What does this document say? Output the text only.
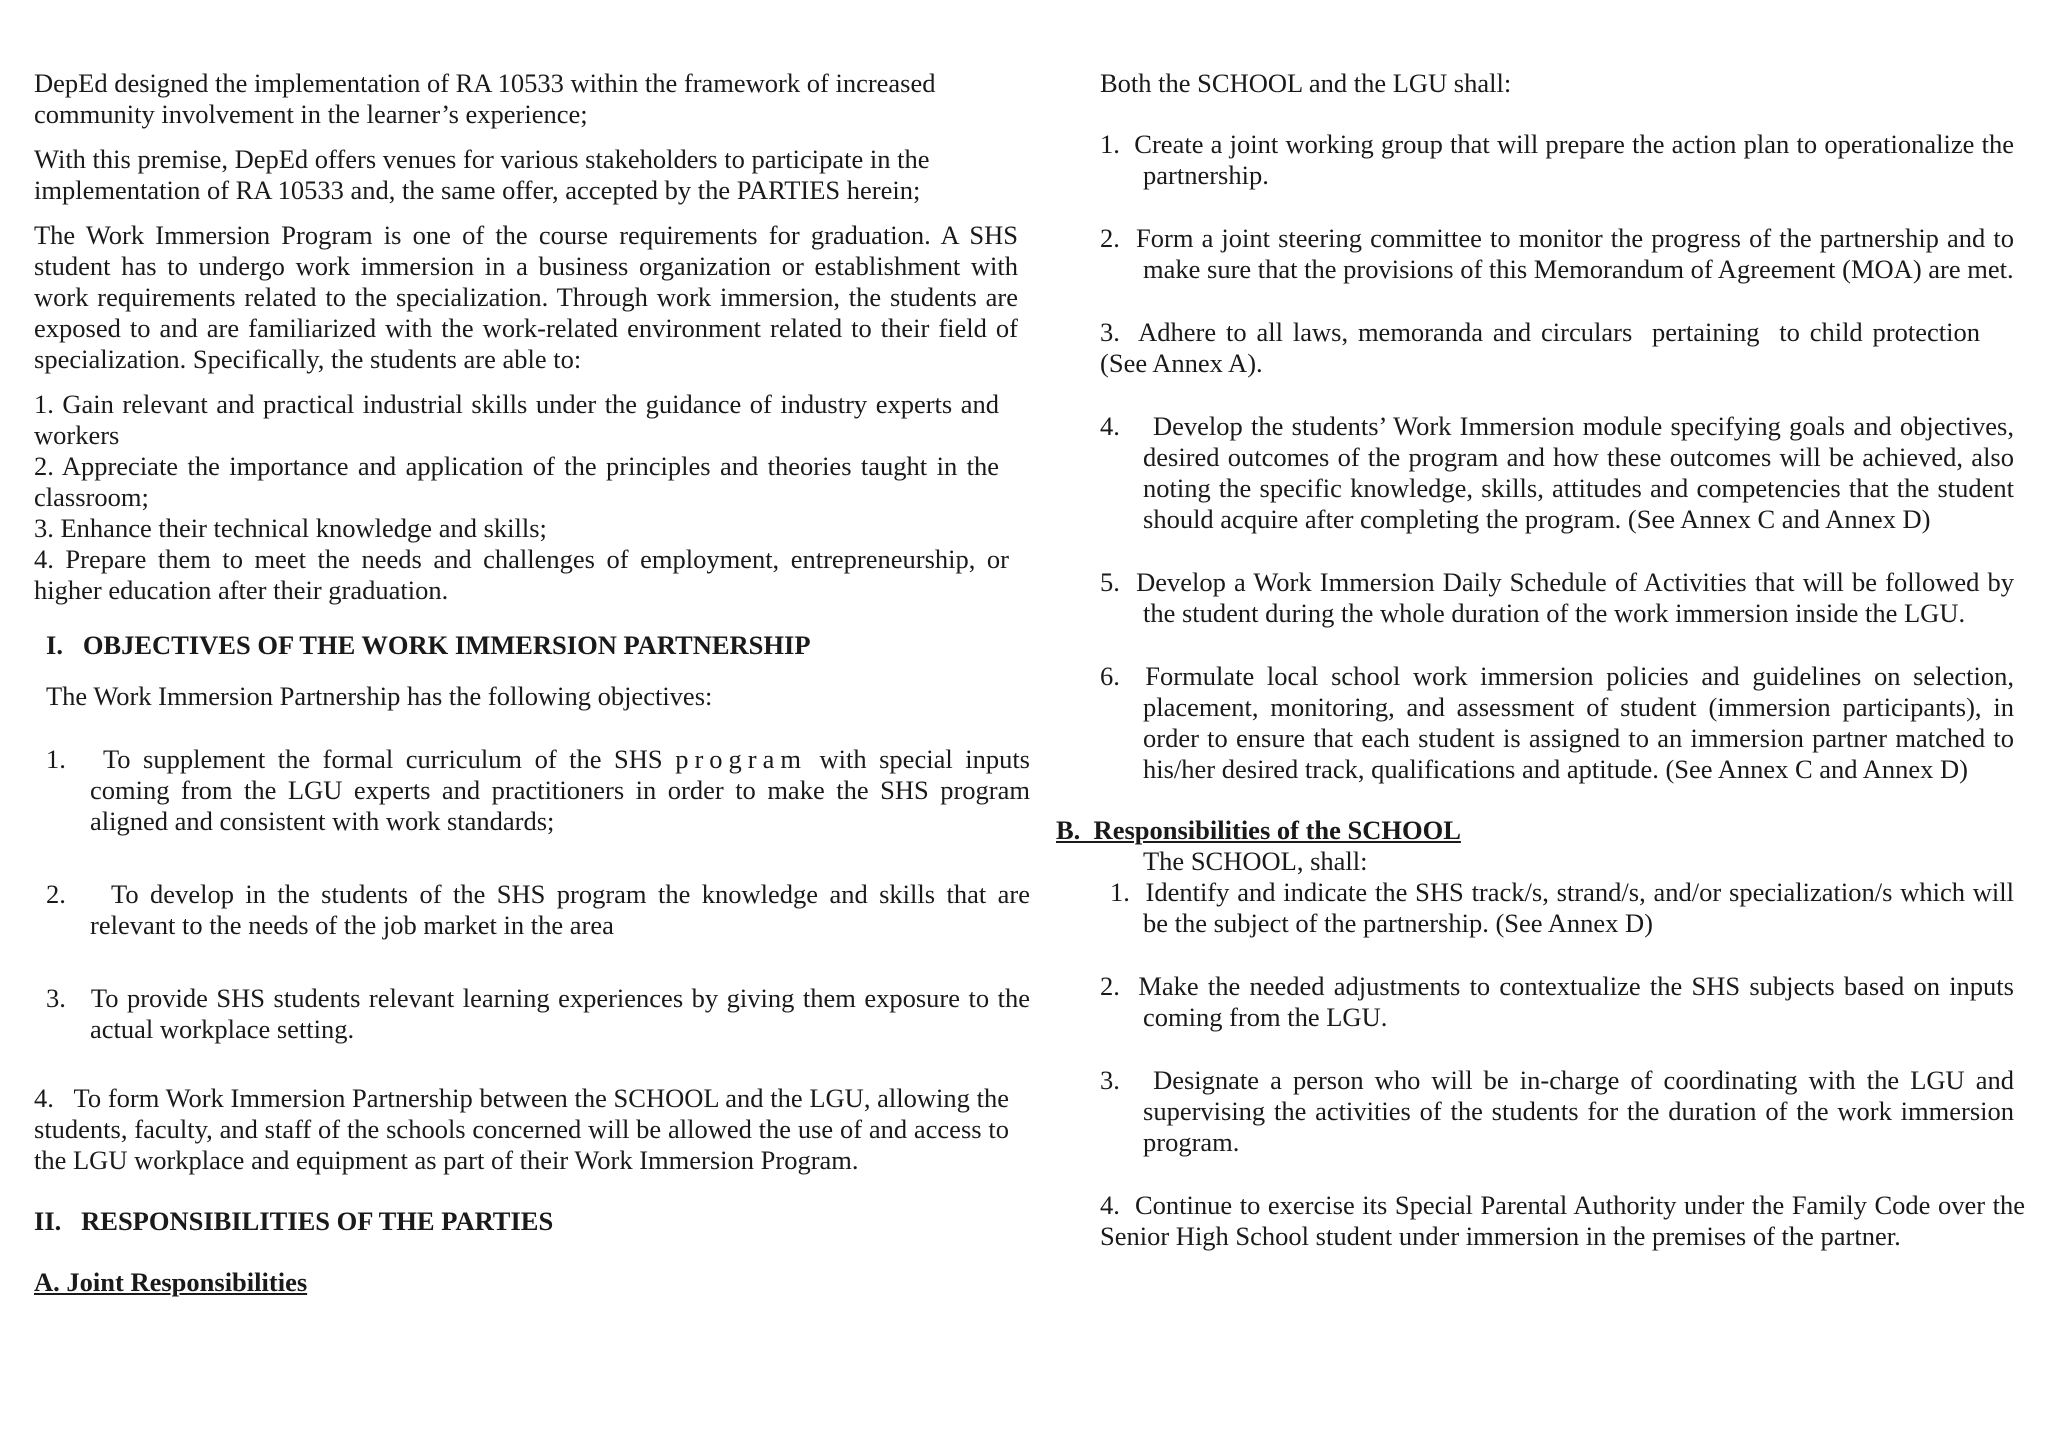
DepEd designed the implementation of RA 10533 within the framework of increased community involvement in the learner’s experience;

With this premise, DepEd offers venues for various stakeholders to participate in the implementation of RA 10533 and, the same offer, accepted by the PARTIES herein;

The Work Immersion Program is one of the course requirements for graduation. A SHS student has to undergo work immersion in a business organization or establishment with work requirements related to the specialization. Through work immersion, the students are exposed to and are familiarized with the work-related environment related to their field of specialization. Specifically, the students are able to:

1. Gain relevant and practical industrial skills under the guidance of industry experts and workers

2. Appreciate the importance and application of the principles and theories taught in the classroom;

3. Enhance their technical knowledge and skills;

4. Prepare them to meet the needs and challenges of employment, entrepreneurship, or higher education after their graduation.

I.   OBJECTIVES OF THE WORK IMMERSION PARTNERSHIP

The Work Immersion Partnership has the following objectives:

1.   To supplement the formal curriculum of the SHS program with special inputs coming from the LGU experts and practitioners in order to make the SHS program aligned and consistent with work standards;

2.    To develop in the students of the SHS program the knowledge and skills that are relevant to the needs of the job market in the area

3.   To provide SHS students relevant learning experiences by giving them exposure to the actual workplace setting.

4.   To form Work Immersion Partnership between the SCHOOL and the LGU, allowing the students, faculty, and staff of the schools concerned will be allowed the use of and access to the LGU workplace and equipment as part of their Work Immersion Program.

II.   RESPONSIBILITIES OF THE PARTIES

A. Joint Responsibilities

Both the SCHOOL and the LGU shall:

1.  Create a joint working group that will prepare the action plan to operationalize the partnership.

2.  Form a joint steering committee to monitor the progress of the partnership and to make sure that the provisions of this Memorandum of Agreement (MOA) are met.

3.  Adhere to all laws, memoranda and circulars  pertaining  to child protection (See Annex A).

4.    Develop the students’ Work Immersion module specifying goals and objectives, desired outcomes of the program and how these outcomes will be achieved, also noting the specific knowledge, skills, attitudes and competencies that the student should acquire after completing the program. (See Annex C and Annex D)

5.  Develop a Work Immersion Daily Schedule of Activities that will be followed by the student during the whole duration of the work immersion inside the LGU.

6.  Formulate local school work immersion policies and guidelines on selection, placement, monitoring, and assessment of student (immersion participants), in order to ensure that each student is assigned to an immersion partner matched to his/her desired track, qualifications and aptitude. (See Annex C and Annex D)

B.  Responsibilities of the SCHOOL

The SCHOOL, shall:

1.  Identify and indicate the SHS track/s, strand/s, and/or specialization/s which will be the subject of the partnership. (See Annex D)

2.  Make the needed adjustments to contextualize the SHS subjects based on inputs coming from the LGU.

3.   Designate a person who will be in-charge of coordinating with the LGU and supervising the activities of the students for the duration of the work immersion program.

4.  Continue to exercise its Special Parental Authority under the Family Code over the Senior High School student under immersion in the premises of the partner.
